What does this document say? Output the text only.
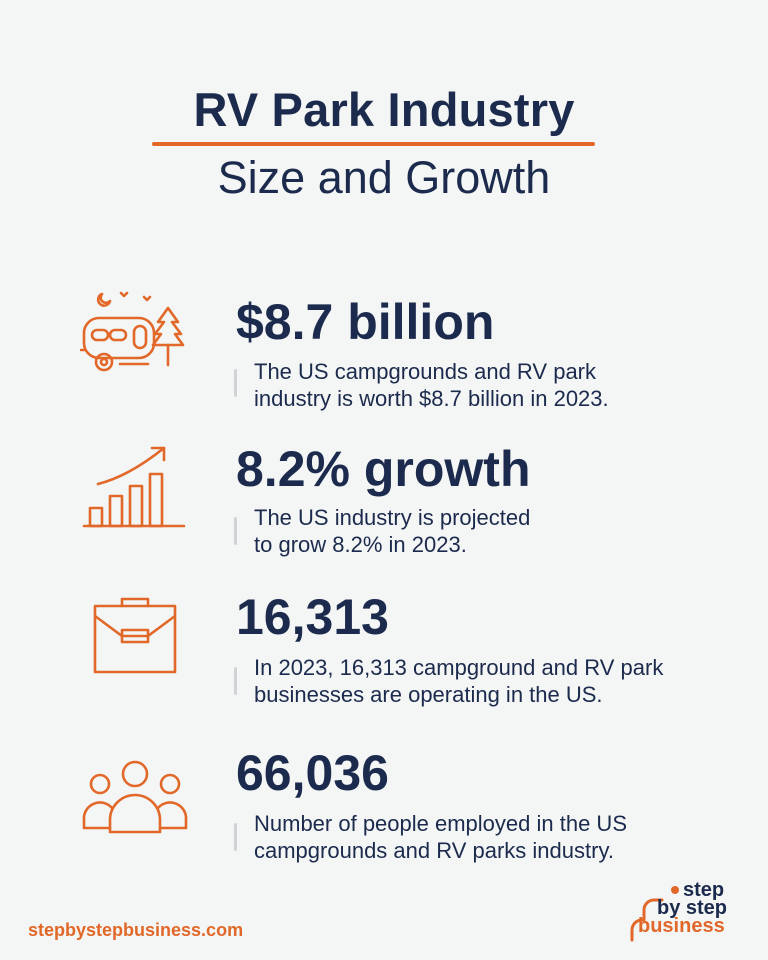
RV Park Industry
Size and Growth
$8.7 billion
The US campgrounds and RV park
industry is worth $8.7 billion in 2023.
8.2% growth
The US industry is projected
to grow 8.2% in 2023.
16,313
In 2023, 16,313 campground and RV park
businesses are operating in the US.
66,036
Number of people employed in the US
campgrounds and RV parks industry.
stepbystepbusiness.com
step
by step
business
